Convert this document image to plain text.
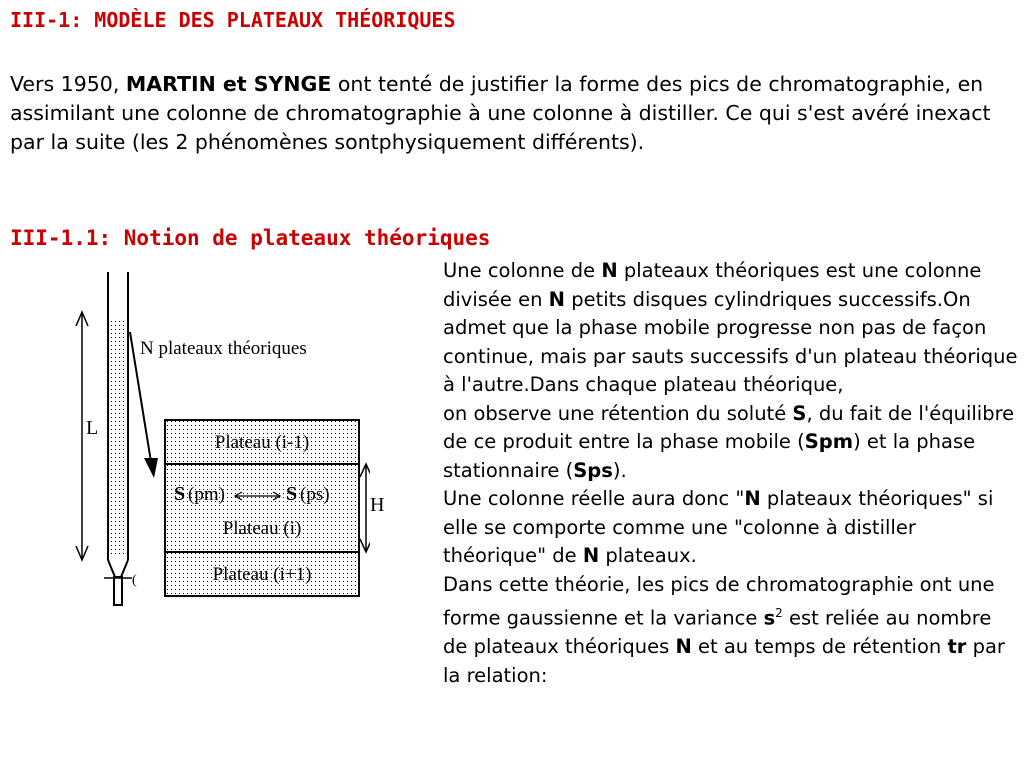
III-1: MODÈLE DES PLATEAUX THÉORIQUES

Vers 1950, MARTIN et SYNGE ont tenté de justifier la forme des pics de chromatographie, en assimilant une colonne de chromatographie à une colonne à distiller. Ce qui s'est avéré inexact par la suite (les 2 phénomènes sontphysiquement différents).

III-1.1: Notion de plateaux théoriques
(
L
N plateaux théoriques
Plateau (i-1)
Plateau (i)
Plateau (i+1)
S (pm)	S (ps) H

Une colonne de N plateaux théoriques est une colonne divisée en N petits disques cylindriques successifs.On admet que la phase mobile progresse non pas de façon continue, mais par sauts successifs d'un plateau théorique à l'autre.Dans chaque plateau théorique,
on observe une rétention du soluté S, du fait de l'équilibre de ce produit entre la phase mobile (Spm) et la phase stationnaire (Sps).
Une colonne réelle aura donc "N plateaux théoriques" si elle se comporte comme une "colonne à distiller théorique" de N plateaux.
Dans cette théorie, les pics de chromatographie ont une forme gaussienne et la variance $s^2$ est reliée au nombre de plateaux théoriques N et au temps de rétention tr par la relation:
